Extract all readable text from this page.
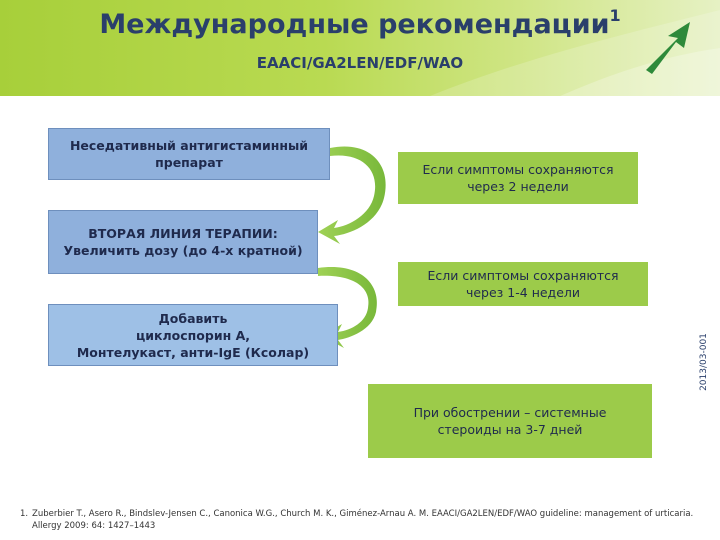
Международные рекомендации$^1$
EAACI/GA2LEN/EDF/WAO
Неседативный антигистаминный
препарат	Если симптомы сохраняются
через 2 недели
ВТОРАЯ ЛИНИЯ ТЕРАПИИ:
Увеличить дозу (до 4-х кратной)
Если симптомы сохраняются
через 1-4 недели
Добавить
циклоспорин А,
Монтелукаст, анти-IgE (Ксолар)
При обострении – системные
стероиды на 3-7 дней
2013/03-001
1. Zuberbier T., Asero R., Bindslev-Jensen C., Canonica W.G., Church M. K., Giménez-Arnau A. M. EAACI/GA2LEN/EDF/WAO guideline: management of urticaria. Allergy 2009: 64: 1427–1443
